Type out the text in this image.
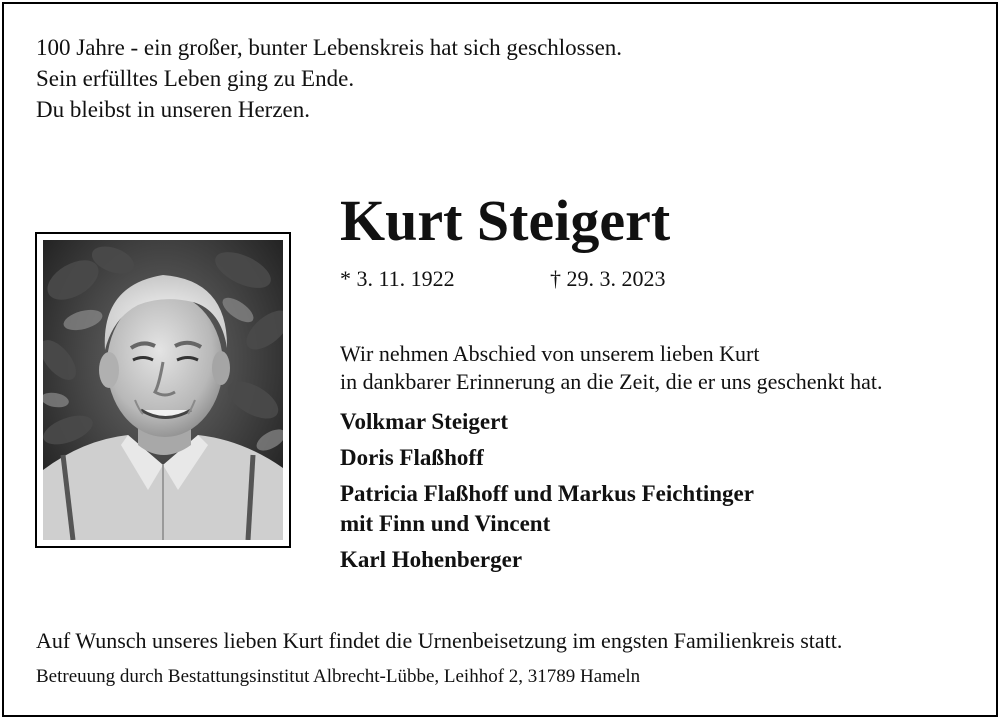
100 Jahre - ein großer, bunter Lebenskreis hat sich geschlossen.
Sein erfülltes Leben ging zu Ende.
Du bleibst in unseren Herzen.
Kurt Steigert
* 3. 11. 1922	† 29. 3. 2023
Wir nehmen Abschied von unserem lieben Kurt
in dankbarer Erinnerung an die Zeit, die er uns geschenkt hat.
Volkmar Steigert
Doris Flaßhoff
Patricia Flaßhoff und Markus Feichtinger
mit Finn und Vincent
Karl Hohenberger
Auf Wunsch unseres lieben Kurt findet die Urnenbeisetzung im engsten Familienkreis statt.
Betreuung durch Bestattungsinstitut Albrecht-Lübbe, Leihhof 2, 31789 Hameln
